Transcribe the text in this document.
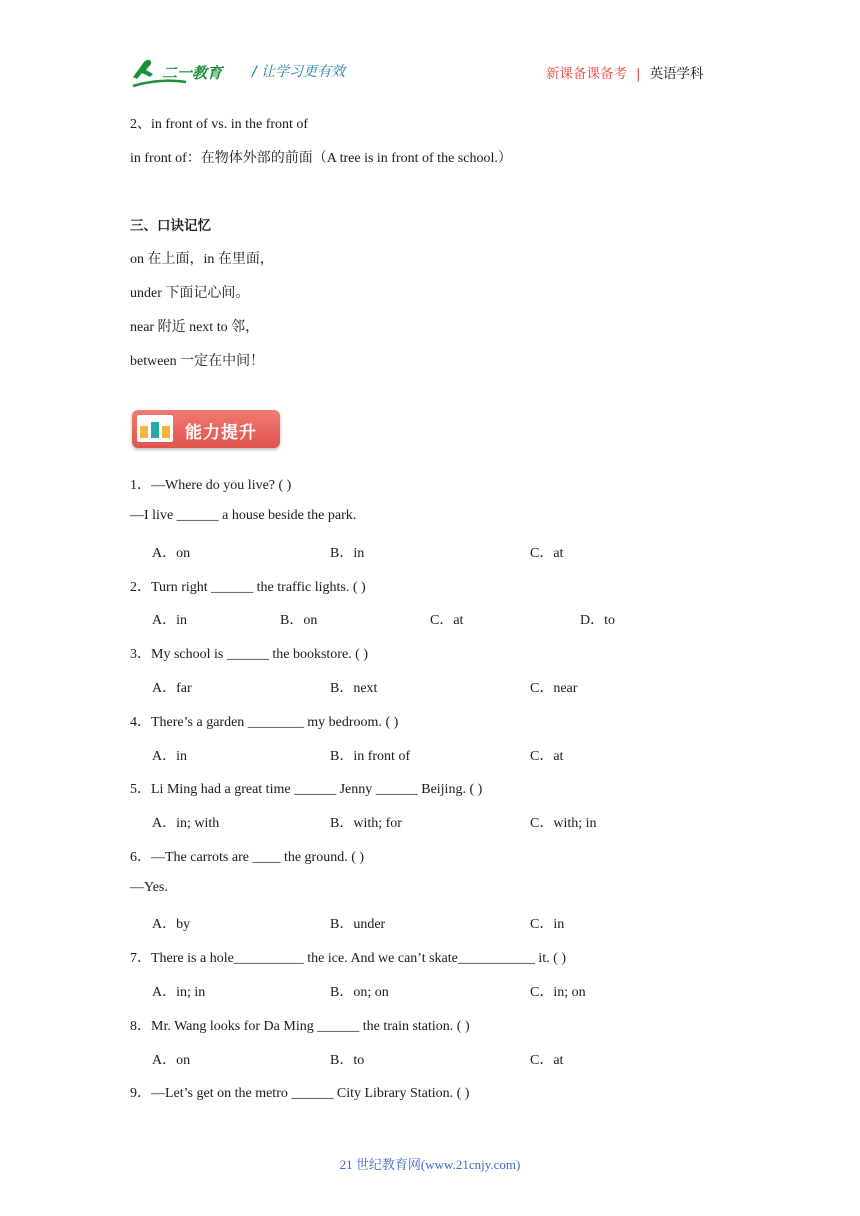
二一教育 / 让学习更有效	新课备课备考 | 英语学科
2、in front of vs. in the front of
in front of：在物体外部的前面（A tree is in front of the school.）
三、口诀记忆
on 在上面，in 在里面，
under 下面记心间。
near 附近 next to 邻，
between 一定在中间！
能力提升
1．—Where do you live? ( )
—I live ______ a house beside the park.
A．on	B．in	C．at
2．Turn right ______ the traffic lights. ( )
A．in	B．on	C．at	D．to
3．My school is ______ the bookstore. ( )
A．far	B．next	C．near
4．There’s a garden ________ my bedroom. ( )
A．in	B．in front of	C．at
5．Li Ming had a great time ______ Jenny ______ Beijing. ( )
A．in; with	B．with; for	C．with; in
6．—The carrots are ____ the ground. ( )
—Yes.
A．by	B．under	C．in
7．There is a hole__________ the ice. And we can’t skate___________ it. ( )
A．in; in	B．on; on	C．in; on
8．Mr. Wang looks for Da Ming ______ the train station. ( )
A．on	B．to	C．at
9．—Let’s get on the metro ______ City Library Station. ( )
21 世纪教育网(www.21cnjy.com)
